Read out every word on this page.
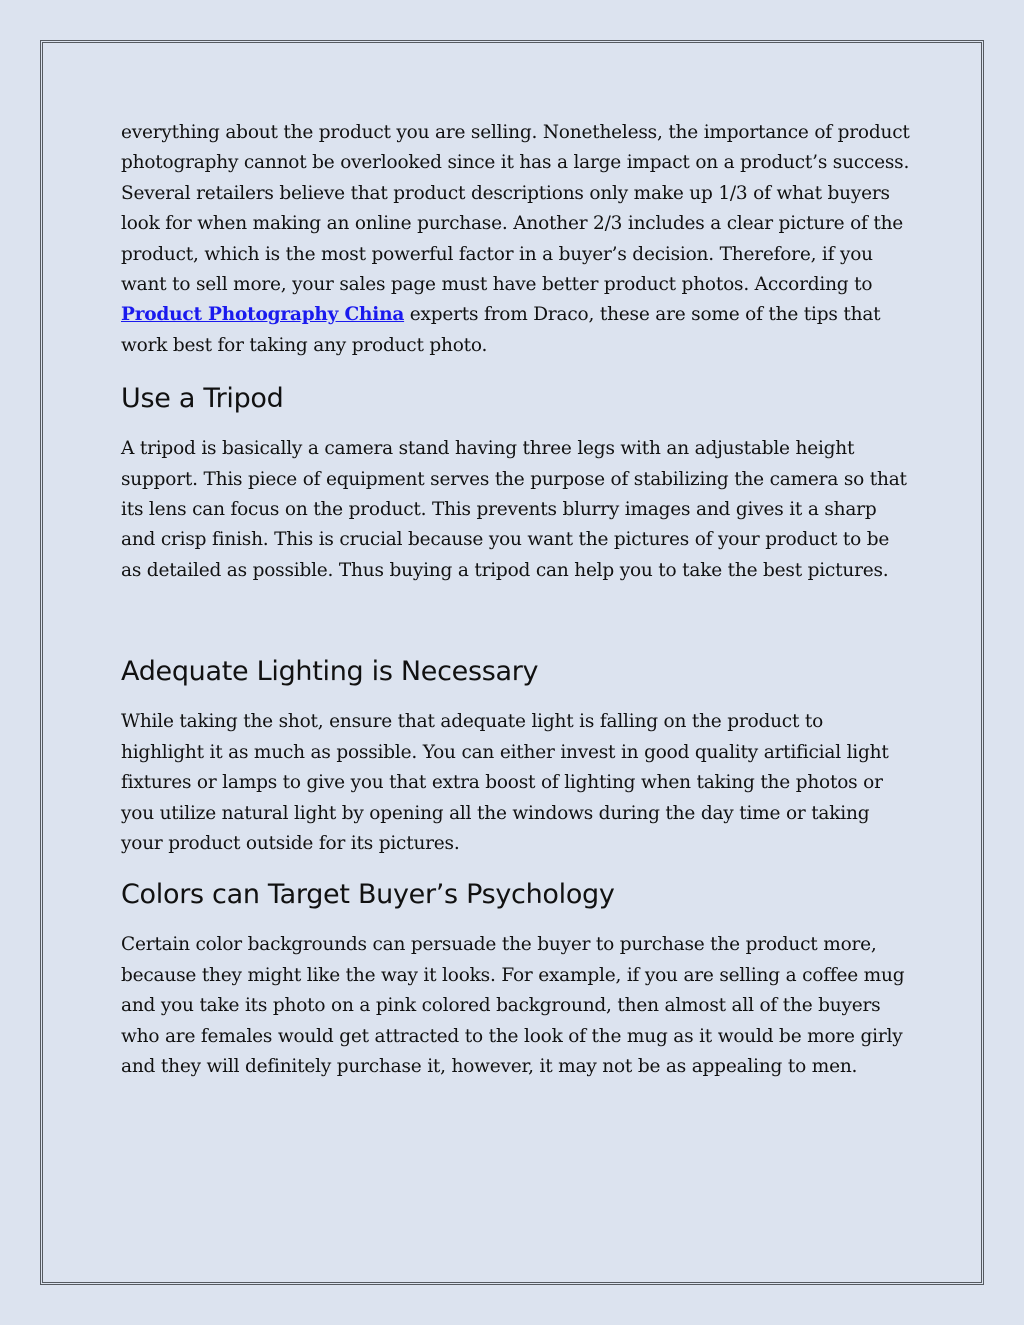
everything about the product you are selling. Nonetheless, the importance of product photography cannot be overlooked since it has a large impact on a product’s success. Several retailers believe that product descriptions only make up 1/3 of what buyers look for when making an online purchase. Another 2/3 includes a clear picture of the product, which is the most powerful factor in a buyer’s decision. Therefore, if you want to sell more, your sales page must have better product photos. According to Product Photography China experts from Draco, these are some of the tips that work best for taking any product photo.

Use a Tripod

A tripod is basically a camera stand having three legs with an adjustable height support. This piece of equipment serves the purpose of stabilizing the camera so that its lens can focus on the product. This prevents blurry images and gives it a sharp and crisp finish. This is crucial because you want the pictures of your product to be as detailed as possible. Thus buying a tripod can help you to take the best pictures.

Adequate Lighting is Necessary

While taking the shot, ensure that adequate light is falling on the product to highlight it as much as possible. You can either invest in good quality artificial light fixtures or lamps to give you that extra boost of lighting when taking the photos or you utilize natural light by opening all the windows during the day time or taking your product outside for its pictures.

Colors can Target Buyer’s Psychology

Certain color backgrounds can persuade the buyer to purchase the product more, because they might like the way it looks. For example, if you are selling a coffee mug and you take its photo on a pink colored background, then almost all of the buyers who are females would get attracted to the look of the mug as it would be more girly and they will definitely purchase it, however, it may not be as appealing to men.
